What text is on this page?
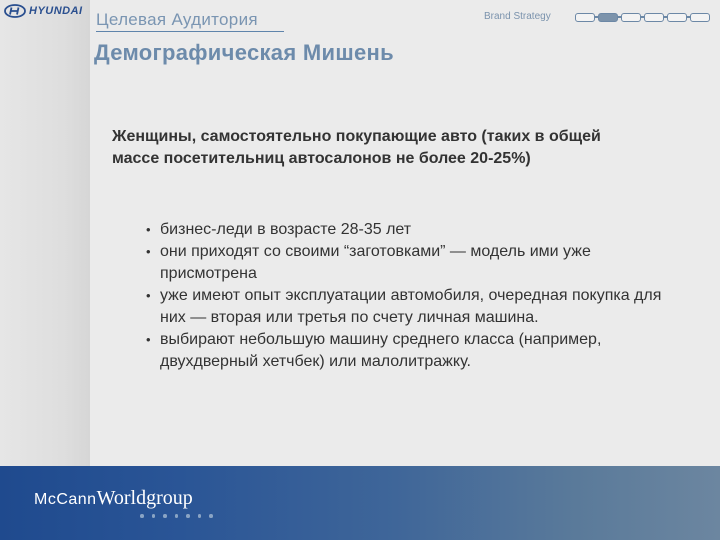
HYUNDAI Целевая Аудитория
Демографическая Мишень
Brand Strategy
Женщины, самостоятельно покупающие авто (таких в общей массе посетительниц автосалонов не более 20-25%)
• бизнес-леди в возрасте 28-35 лет
• они приходят со своими “заготовками” — модель ими уже присмотрена
• уже имеют опыт эксплуатации автомобиля, очередная покупка для них — вторая или третья по счету личная машина.
• выбирают небольшую машину среднего класса (например, двухдверный хетчбек) или малолитражку.
McCann Worldgroup
